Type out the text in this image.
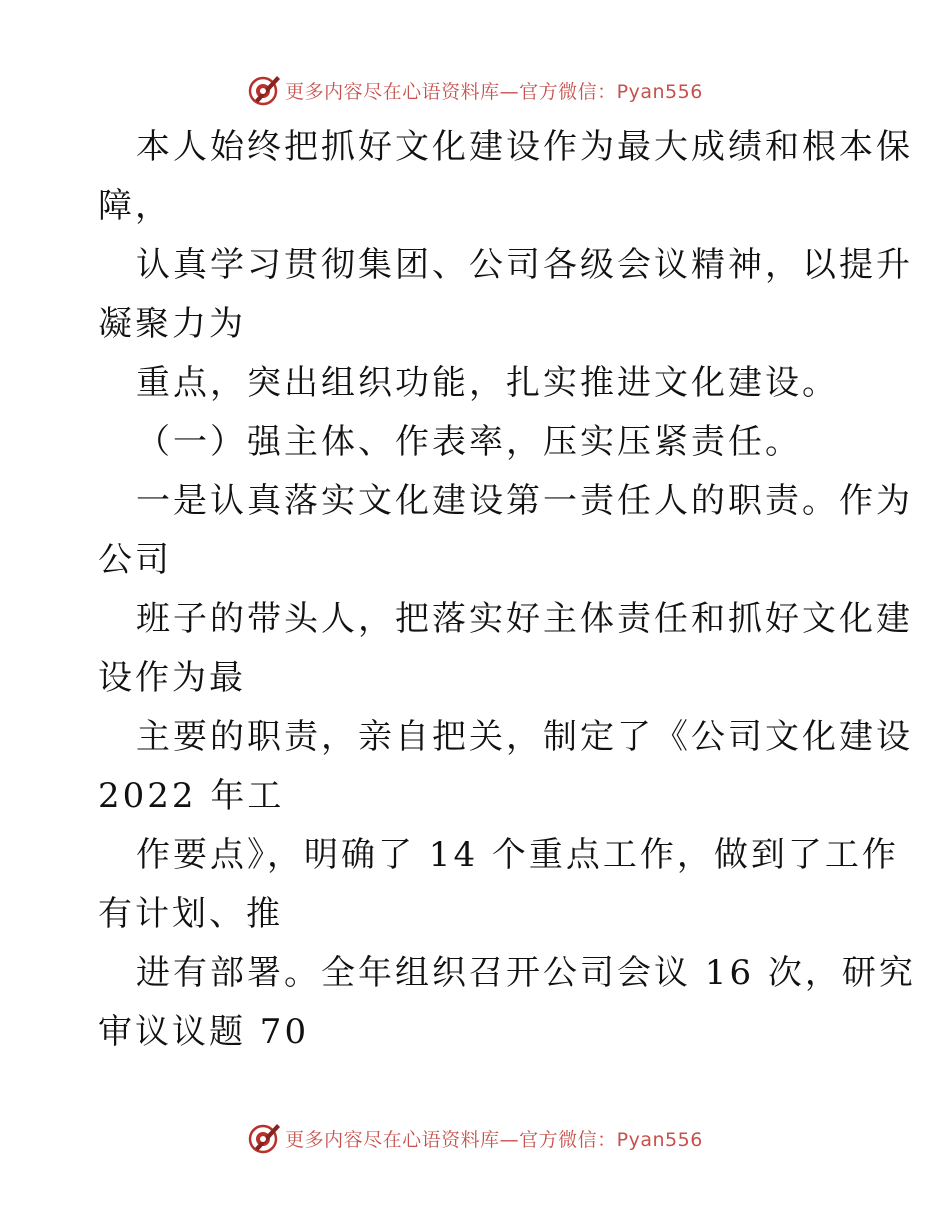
更多内容尽在心语资料库—官方微信：Pyan556
本人始终把抓好文化建设作为最大成绩和根本保
障，
认真学习贯彻集团、公司各级会议精神，以提升
凝聚力为
重点，突出组织功能，扎实推进文化建设。
（一）强主体、作表率，压实压紧责任。
一是认真落实文化建设第一责任人的职责。作为
公司
班子的带头人，把落实好主体责任和抓好文化建
设作为最
主要的职责，亲自把关，制定了《公司文化建设
2022 年工
作要点》，明确了 14 个重点工作，做到了工作
有计划、推
进有部署。全年组织召开公司会议 16 次，研究
审议议题 70
更多内容尽在心语资料库—官方微信：Pyan556
